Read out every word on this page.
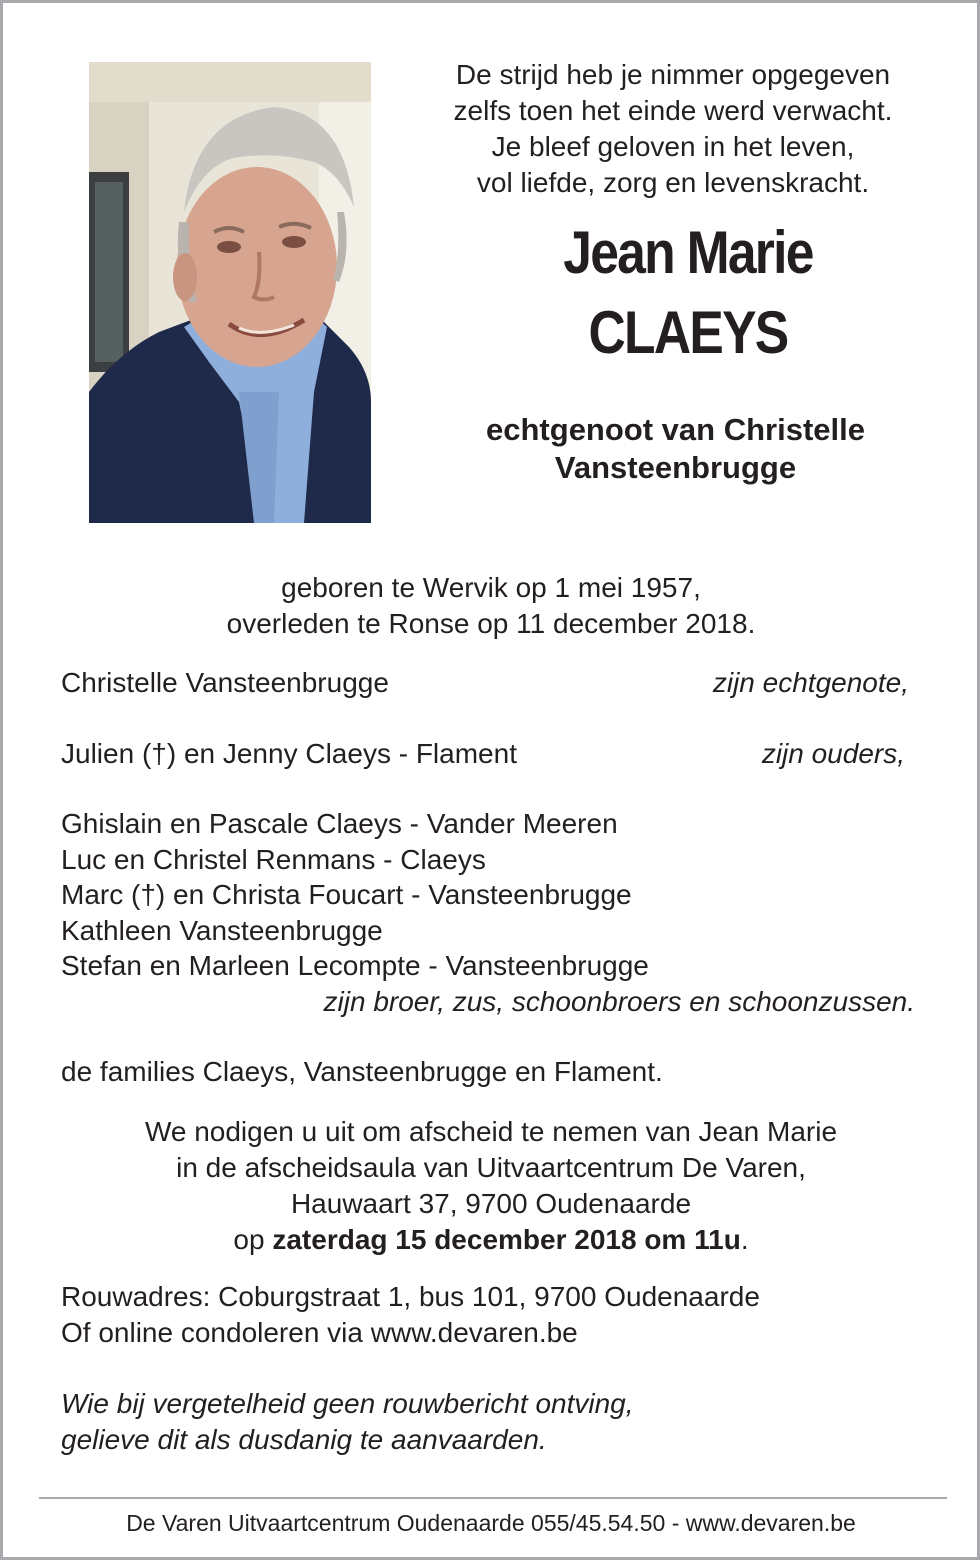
De strijd heb je nimmer opgegeven
zelfs toen het einde werd verwacht.
Je bleef geloven in het leven,
vol liefde, zorg en levenskracht.
Jean Marie
CLAEYS
echtgenoot van Christelle
Vansteenbrugge
geboren te Wervik op 1 mei 1957,
overleden te Ronse op 11 december 2018.
Christelle Vansteenbrugge	zijn echtgenote,
Julien (†) en Jenny Claeys - Flament	zijn ouders,
Ghislain en Pascale Claeys - Vander Meeren
Luc en Christel Renmans - Claeys
Marc (†) en Christa Foucart - Vansteenbrugge
Kathleen Vansteenbrugge
Stefan en Marleen Lecompte - Vansteenbrugge
zijn broer, zus, schoonbroers en schoonzussen.
de families Claeys, Vansteenbrugge en Flament.
We nodigen u uit om afscheid te nemen van Jean Marie
in de afscheidsaula van Uitvaartcentrum De Varen,
Hauwaart 37, 9700 Oudenaarde
op zaterdag 15 december 2018 om 11u.
Rouwadres: Coburgstraat 1, bus 101, 9700 Oudenaarde
Of online condoleren via www.devaren.be
Wie bij vergetelheid geen rouwbericht ontving,
gelieve dit als dusdanig te aanvaarden.
De Varen Uitvaartcentrum Oudenaarde 055/45.54.50 - www.devaren.be
